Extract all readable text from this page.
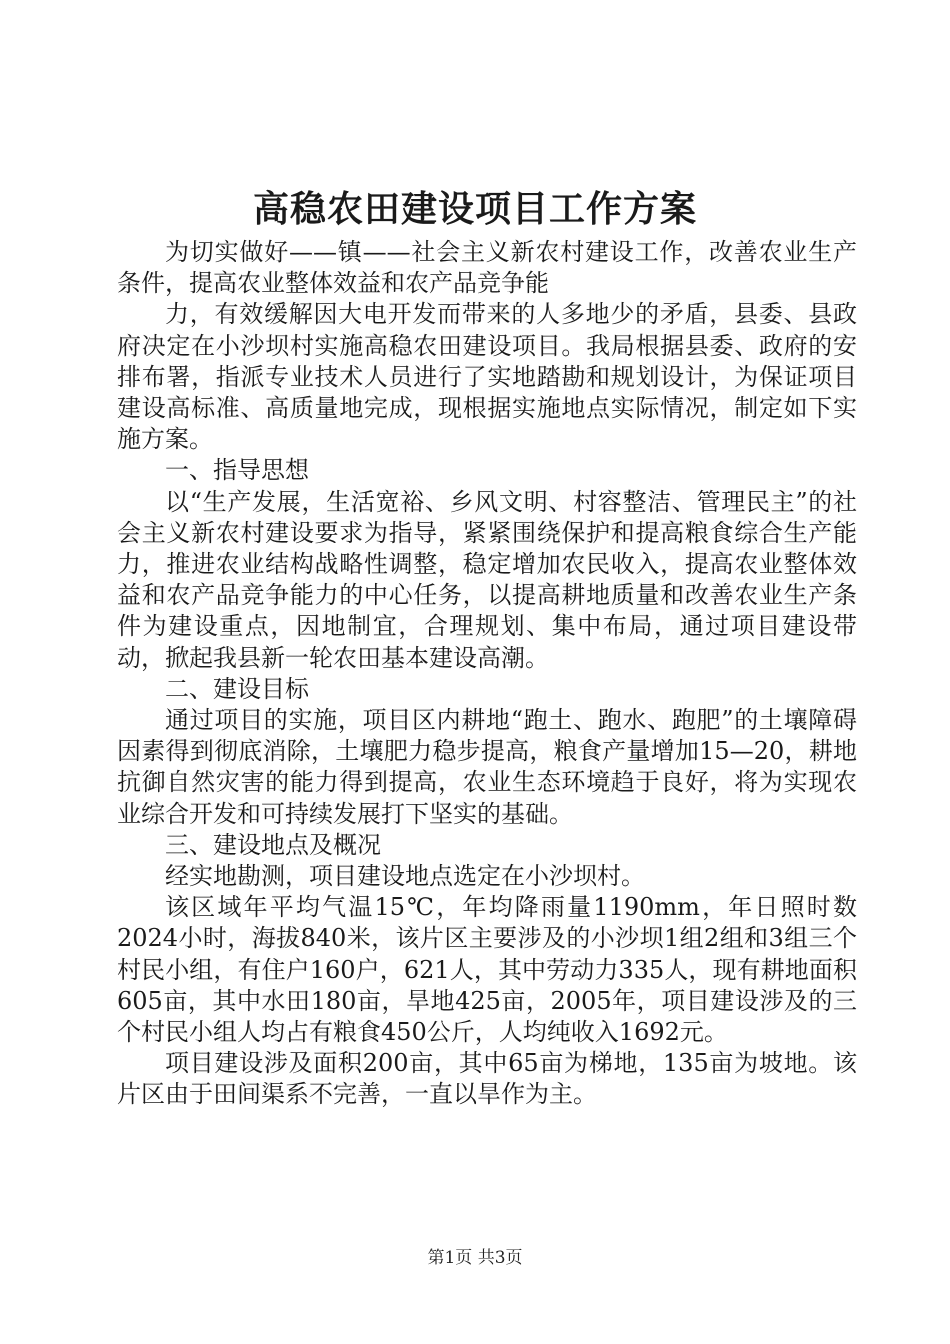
高稳农田建设项目工作方案

为切实做好——镇——社会主义新农村建设工作，改善农业生产条件，提高农业整体效益和农产品竞争能

力，有效缓解因大电开发而带来的人多地少的矛盾，县委、县政府决定在小沙坝村实施高稳农田建设项目。我局根据县委、政府的安排布署，指派专业技术人员进行了实地踏勘和规划设计，为保证项目建设高标准、高质量地完成，现根据实施地点实际情况，制定如下实施方案。

一、指导思想

以“生产发展，生活宽裕、乡风文明、村容整洁、管理民主”的社会主义新农村建设要求为指导，紧紧围绕保护和提高粮食综合生产能力，推进农业结构战略性调整，稳定增加农民收入，提高农业整体效益和农产品竞争能力的中心任务，以提高耕地质量和改善农业生产条件为建设重点，因地制宜，合理规划、集中布局，通过项目建设带动，掀起我县新一轮农田基本建设高潮。

二、建设目标

通过项目的实施，项目区内耕地“跑土、跑水、跑肥”的土壤障碍因素得到彻底消除，土壤肥力稳步提高，粮食产量增加15—20，耕地抗御自然灾害的能力得到提高，农业生态环境趋于良好，将为实现农业综合开发和可持续发展打下坚实的基础。

三、建设地点及概况

经实地勘测，项目建设地点选定在小沙坝村。

该区域年平均气温15℃，年均降雨量1190mm，年日照时数2024小时，海拔840米，该片区主要涉及的小沙坝1组2组和3组三个村民小组，有住户160户，621人，其中劳动力335人，现有耕地面积605亩，其中水田180亩，旱地425亩，2005年，项目建设涉及的三个村民小组人均占有粮食450公斤，人均纯收入1692元。

项目建设涉及面积200亩，其中65亩为梯地，135亩为坡地。该片区由于田间渠系不完善，一直以旱作为主。

第1页 共3页
